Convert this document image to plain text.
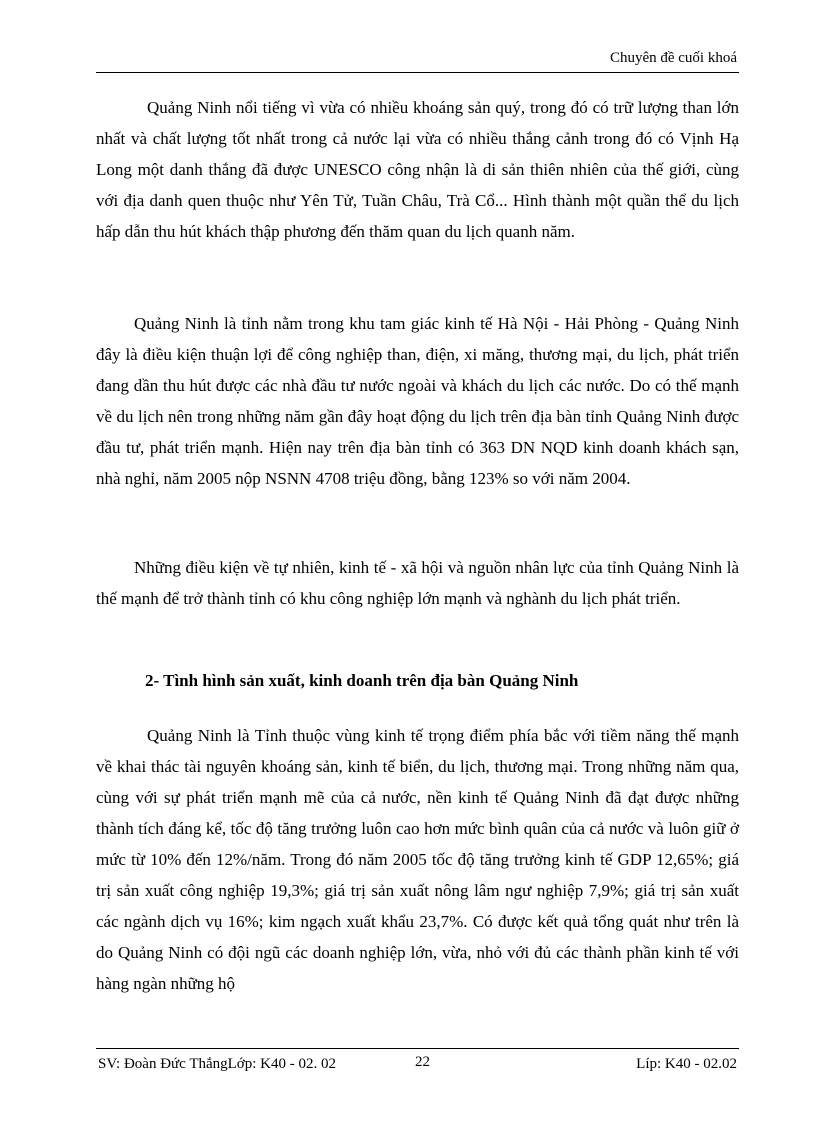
Chuyên đề cuối khoá

Quảng Ninh nổi tiếng vì vừa có nhiều khoáng sản quý, trong đó có trữ lượng than lớn nhất và chất lượng tốt nhất trong cả nước lại vừa có nhiều thắng cảnh trong đó có Vịnh Hạ Long một danh thắng đã được UNESCO công nhận là di sản thiên nhiên của thế giới, cùng với địa danh quen thuộc như Yên Tử, Tuần Châu, Trà Cổ... Hình thành một quần thể du lịch hấp dẫn thu hút khách thập phương đến thăm quan du lịch quanh năm.

Quảng Ninh là tỉnh nằm trong khu tam giác kinh tế Hà Nội - Hải Phòng - Quảng Ninh đây là điều kiện thuận lợi để công nghiệp than, điện, xi măng, thương mại, du lịch, phát triển đang dần thu hút được các nhà đầu tư nước ngoài và khách du lịch các nước. Do có thế mạnh về du lịch nên trong những năm gần đây hoạt động du lịch trên địa bàn tỉnh Quảng Ninh được đầu tư, phát triển mạnh. Hiện nay trên địa bàn tỉnh có 363 DN NQD kinh doanh khách sạn, nhà nghỉ, năm 2005 nộp NSNN 4708 triệu đồng, bằng 123% so với năm 2004.

Những điều kiện về tự nhiên, kinh tế - xã hội và nguồn nhân lực của tỉnh Quảng Ninh là thế mạnh để trở thành tỉnh có khu công nghiệp lớn mạnh và nghành du lịch phát triển.

2- Tình hình sản xuất, kinh doanh trên địa bàn Quảng Ninh

Quảng Ninh là Tỉnh thuộc vùng kinh tế trọng điểm phía bắc với tiềm năng thế mạnh về khai thác tài nguyên khoáng sản, kinh tế biển, du lịch, thương mại. Trong những năm qua, cùng với sự phát triển mạnh mẽ của cả nước, nền kinh tế Quảng Ninh đã đạt được những thành tích đáng kể, tốc độ tăng trưởng luôn cao hơn mức bình quân của cả nước và luôn giữ ở mức từ 10% đến 12%/năm. Trong đó năm 2005 tốc độ tăng trưởng kinh tế GDP 12,65%; giá trị sản xuất công nghiệp 19,3%; giá trị sản xuất nông lâm ngư nghiệp 7,9%; giá trị sản xuất các ngành dịch vụ 16%; kim ngạch xuất khẩu 23,7%. Có được kết quả tổng quát như trên là do Quảng Ninh có đội ngũ các doanh nghiệp lớn, vừa, nhỏ với đủ các thành phần kinh tế với hàng ngàn những hộ

SV: Đoàn Đức ThắngLớp: K40 - 02. 02	22	Líp: K40 - 02.02
